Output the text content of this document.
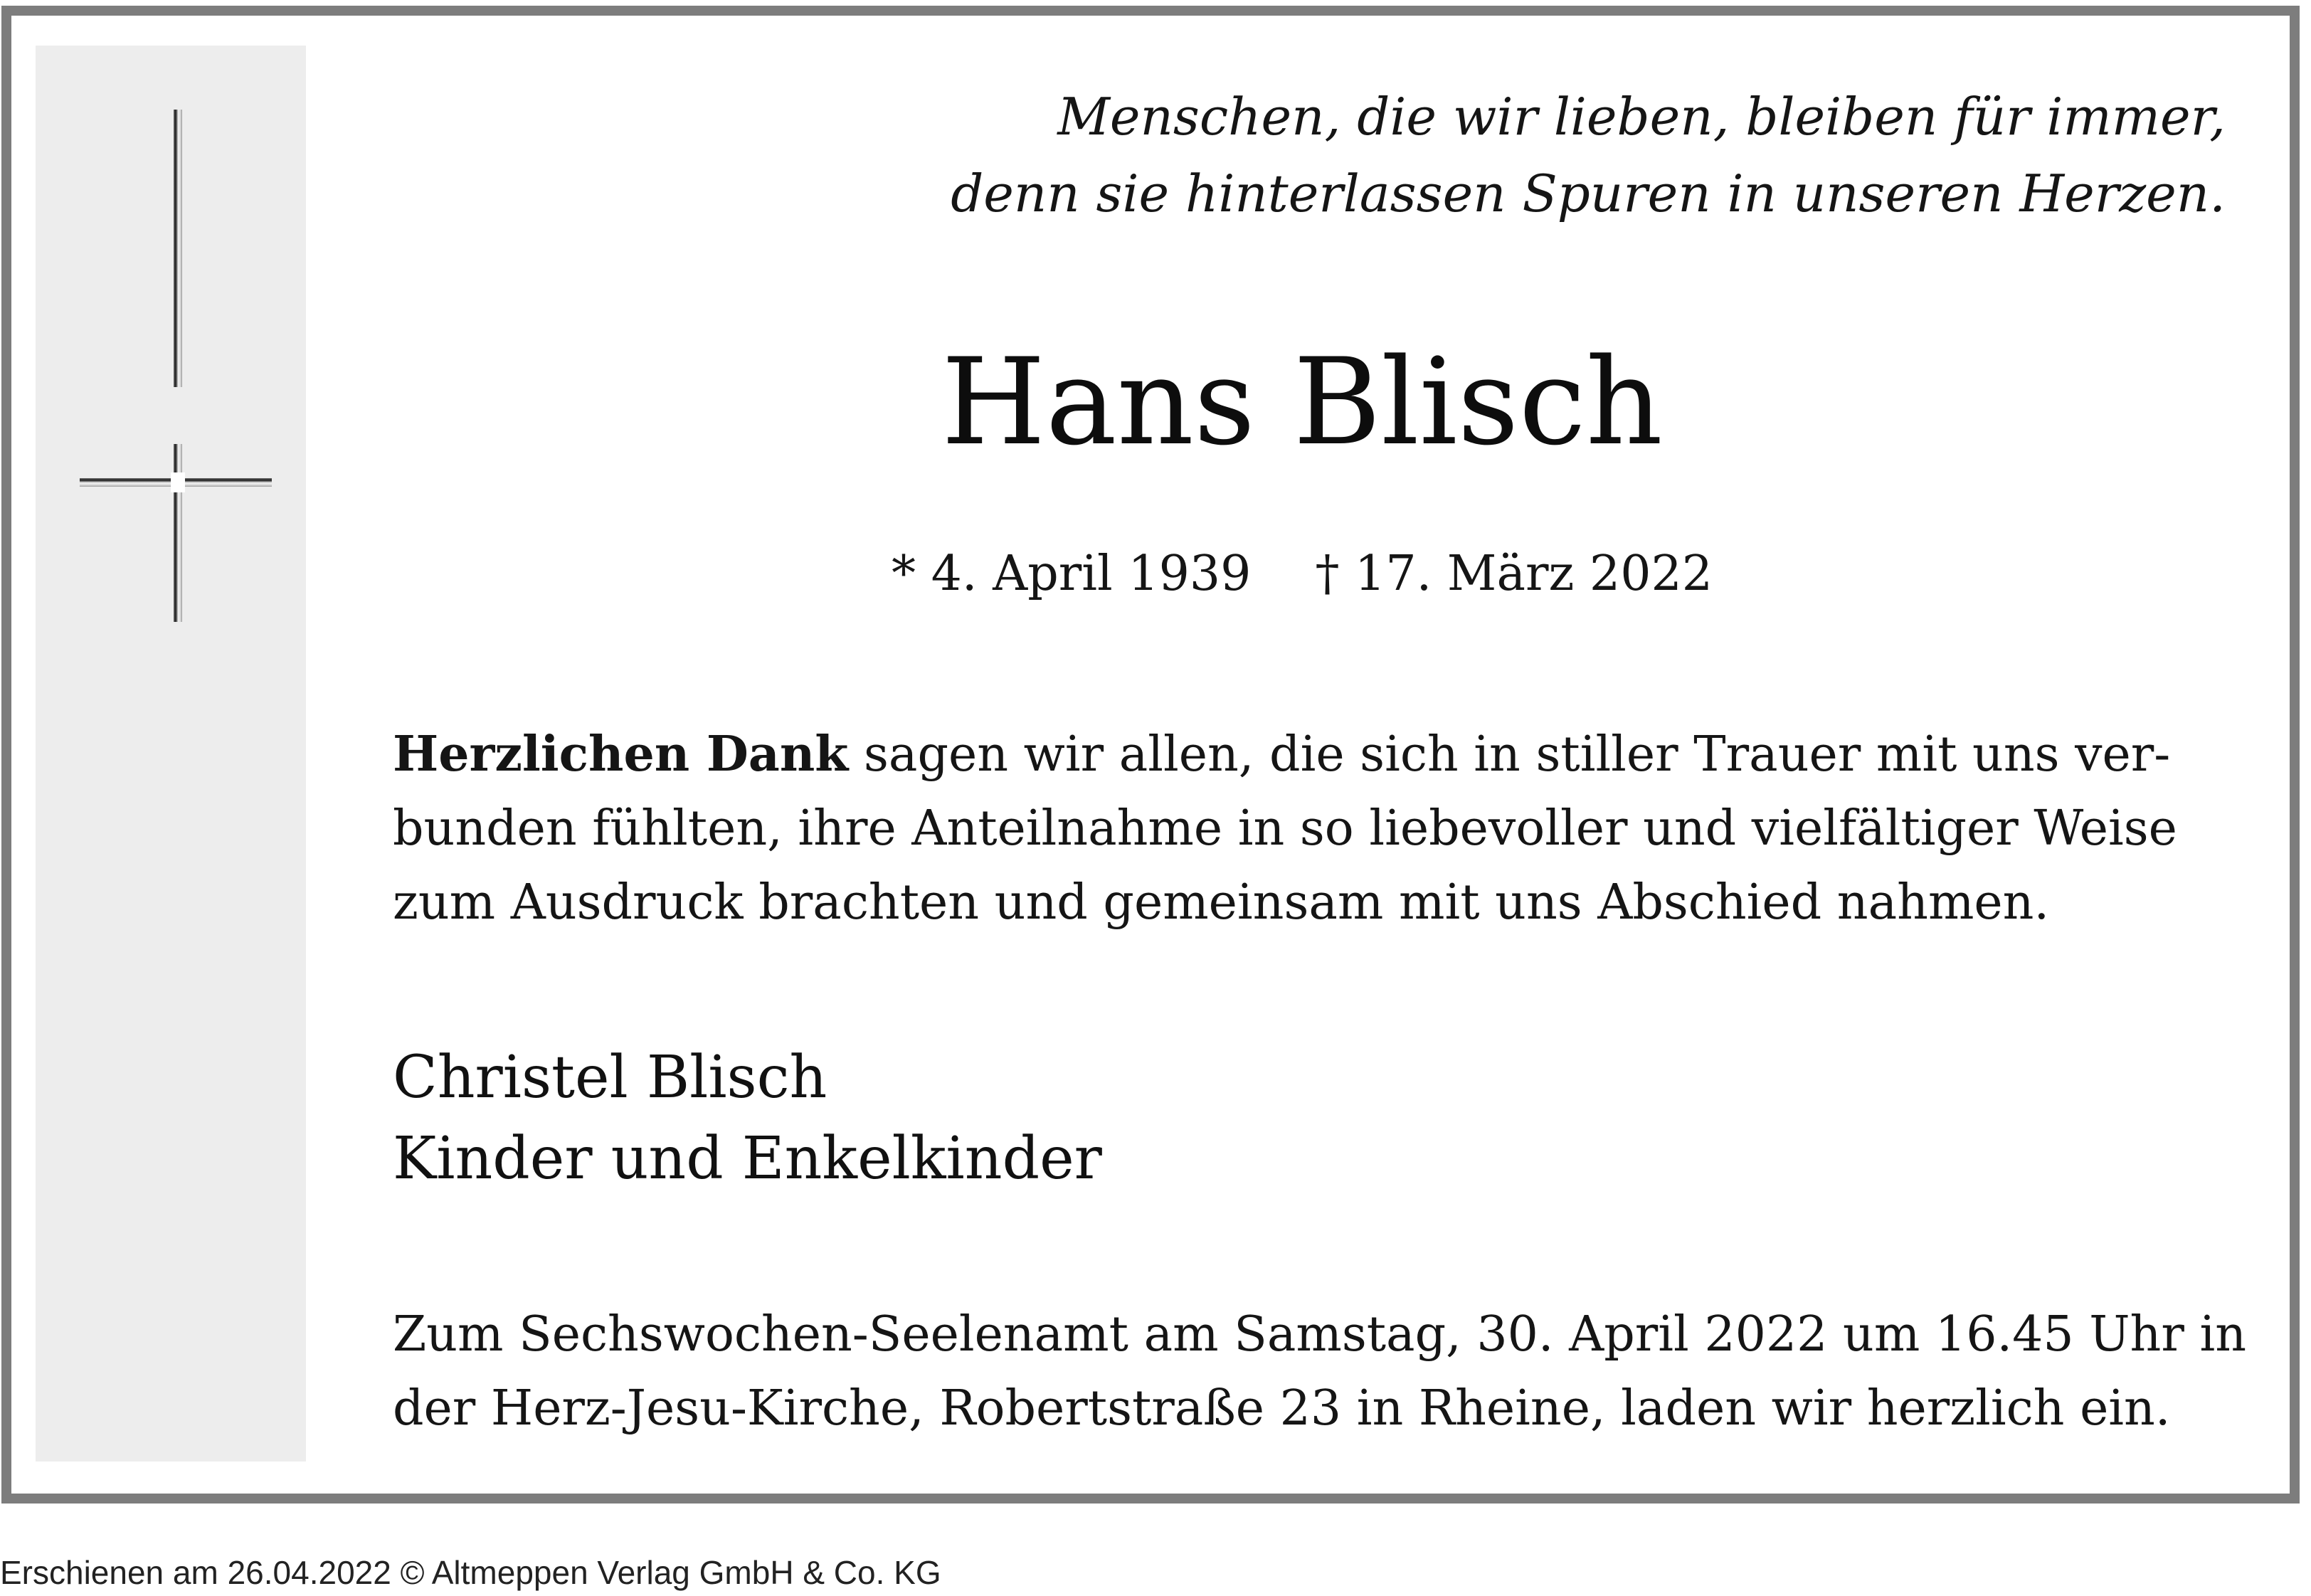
Menschen, die wir lieben, bleiben für immer,
denn sie hinterlassen Spuren in unseren Herzen.
Hans Blisch
* 4. April 1939 † 17. März 2022
Herzlichen Dank sagen wir allen, die sich in stiller Trauer mit uns ver-
bunden fühlten, ihre Anteilnahme in so liebevoller und vielfältiger Weise
zum Ausdruck brachten und gemeinsam mit uns Abschied nahmen.
Christel Blisch
Kinder und Enkelkinder
Zum Sechswochen-Seelenamt am Samstag, 30. April 2022 um 16.45 Uhr in
der Herz-Jesu-Kirche, Robertstraße 23 in Rheine, laden wir herzlich ein.
Erschienen am 26.04.2022 © Altmeppen Verlag GmbH & Co. KG
